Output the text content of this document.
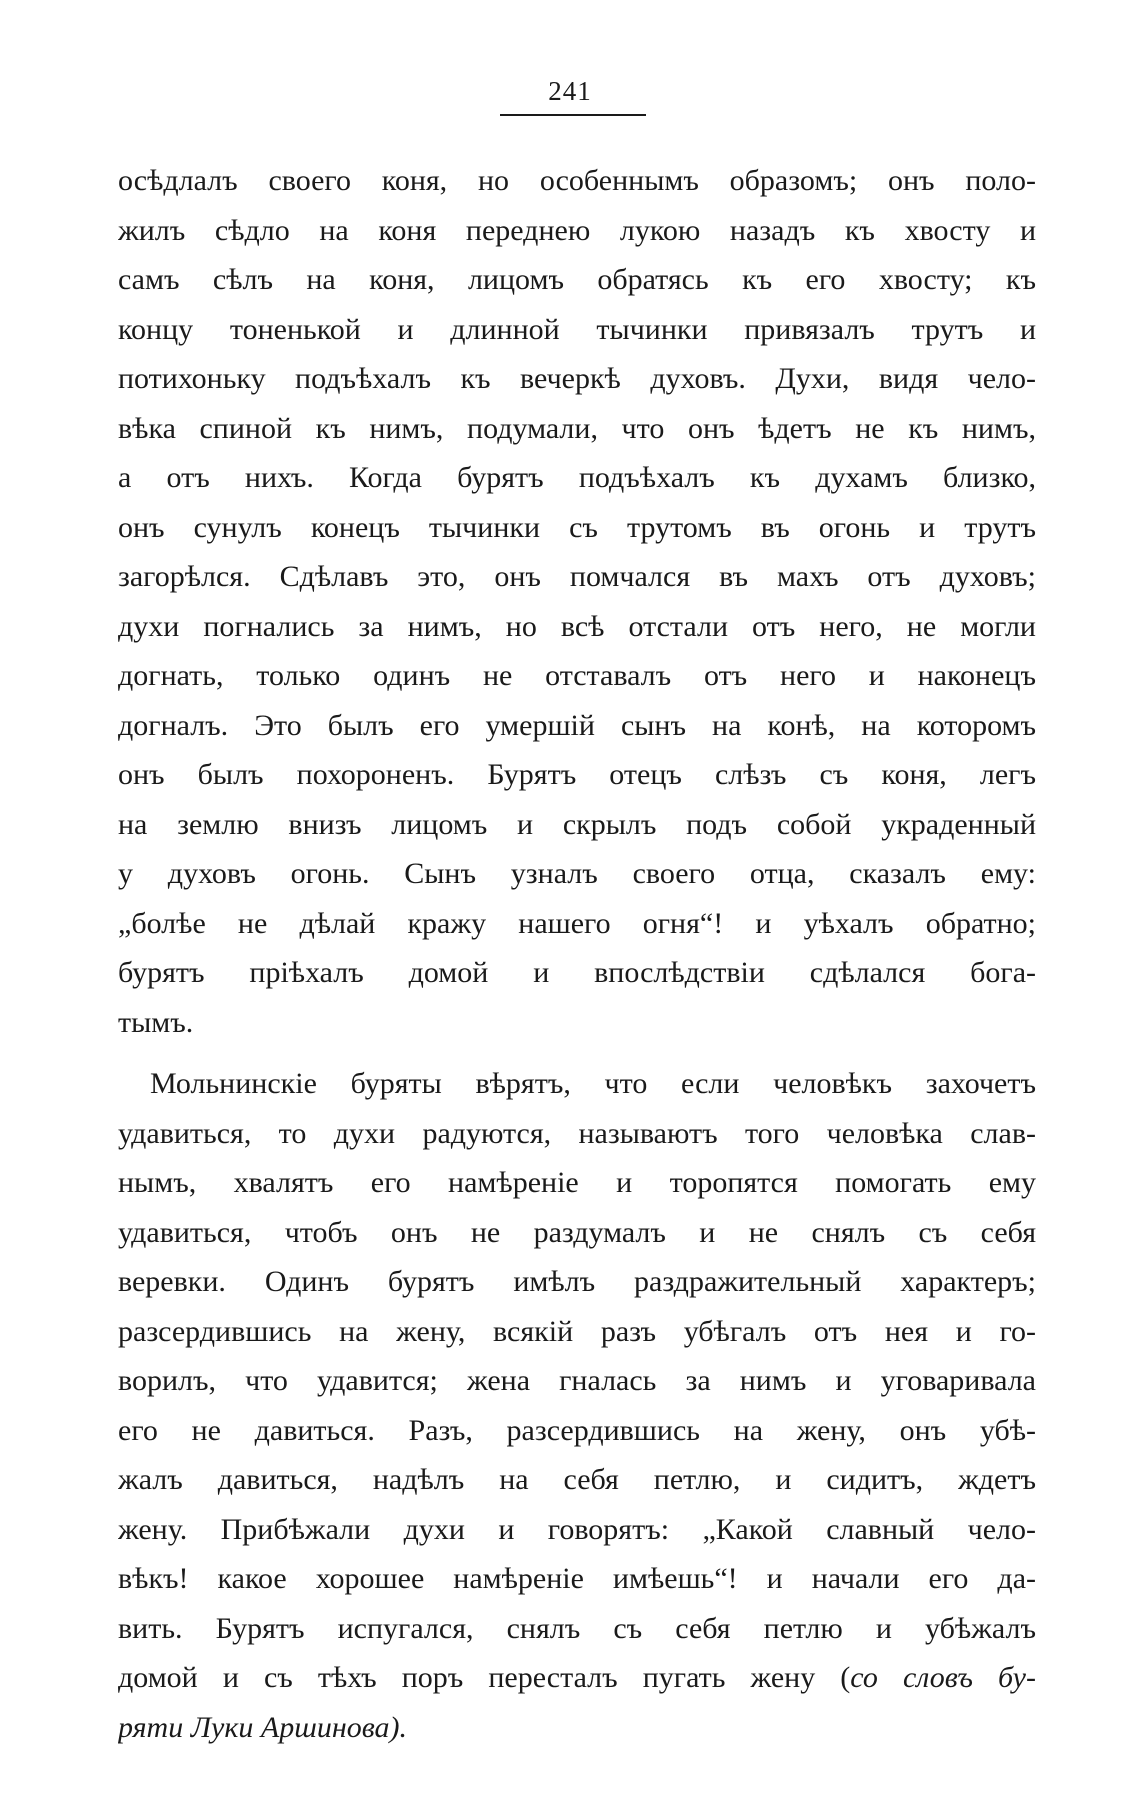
241
осѣдлалъ своего коня, но особеннымъ образомъ; онъ поло-
жилъ сѣдло на коня переднею лукою назадъ къ хвосту и
самъ сѣлъ на коня, лицомъ обратясь къ его хвосту; къ
концу тоненькой и длинной тычинки привязалъ трутъ и
потихоньку подъѣхалъ къ вечеркѣ духовъ. Духи, видя чело-
вѣка спиной къ нимъ, подумали, что онъ ѣдетъ не къ нимъ,
а отъ нихъ. Когда бурятъ подъѣхалъ къ духамъ близко,
онъ сунулъ конецъ тычинки съ трутомъ въ огонь и трутъ
загорѣлся. Сдѣлавъ это, онъ помчался въ махъ отъ духовъ;
духи погнались за нимъ, но всѣ отстали отъ него, не могли
догнать, только одинъ не отставалъ отъ него и наконецъ
догналъ. Это былъ его умершій сынъ на конѣ, на которомъ
онъ былъ похороненъ. Бурятъ отецъ слѣзъ съ коня, легъ
на землю внизъ лицомъ и скрылъ подъ собой украденный
у духовъ огонь. Сынъ узналъ своего отца, сказалъ ему:
„болѣе не дѣлай кражу нашего огня“! и уѣхалъ обратно;
бурятъ пріѣхалъ домой и впослѣдствіи сдѣлался бога-
тымъ.
Мольнинскіе буряты вѣрятъ, что если человѣкъ захочетъ
удавиться, то духи радуются, называютъ того человѣка слав-
нымъ, хвалятъ его намѣреніе и торопятся помогать ему
удавиться, чтобъ онъ не раздумалъ и не снялъ съ себя
веревки. Одинъ бурятъ имѣлъ раздражительный характеръ;
разсердившись на жену, всякій разъ убѣгалъ отъ нея и го-
ворилъ, что удавится; жена гналась за нимъ и уговаривала
его не давиться. Разъ, разсердившись на жену, онъ убѣ-
жалъ давиться, надѣлъ на себя петлю, и сидитъ, ждетъ
жену. Прибѣжали духи и говорятъ: „Какой славный чело-
вѣкъ! какое хорошее намѣреніе имѣешь“! и начали его да-
вить. Бурятъ испугался, снялъ съ себя петлю и убѣжалъ
домой и съ тѣхъ поръ пересталъ пугать жену (со словъ бу-
ряти Луки Аршинова).
